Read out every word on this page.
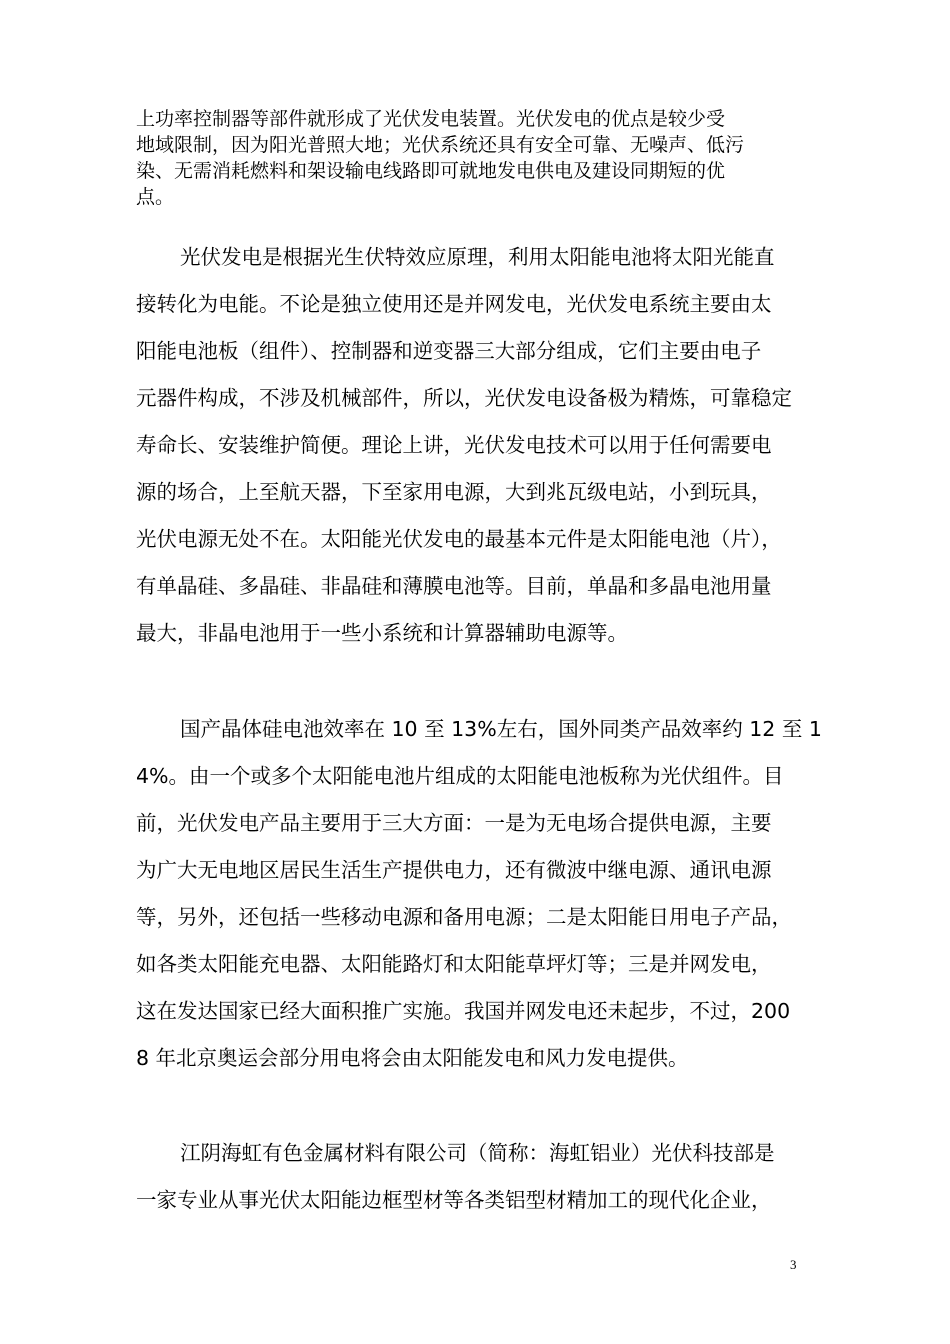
上功率控制器等部件就形成了光伏发电装置。光伏发电的优点是较少受
地域限制，因为阳光普照大地；光伏系统还具有安全可靠、无噪声、低污
染、无需消耗燃料和架设输电线路即可就地发电供电及建设同期短的优
点。

光伏发电是根据光生伏特效应原理，利用太阳能电池将太阳光能直
接转化为电能。不论是独立使用还是并网发电，光伏发电系统主要由太
阳能电池板（组件）、控制器和逆变器三大部分组成，它们主要由电子
元器件构成，不涉及机械部件，所以，光伏发电设备极为精炼，可靠稳定
寿命长、安装维护简便。理论上讲，光伏发电技术可以用于任何需要电
源的场合，上至航天器，下至家用电源，大到兆瓦级电站，小到玩具，
光伏电源无处不在。太阳能光伏发电的最基本元件是太阳能电池（片），
有单晶硅、多晶硅、非晶硅和薄膜电池等。目前，单晶和多晶电池用量
最大，非晶电池用于一些小系统和计算器辅助电源等。
国产晶体硅电池效率在 10 至 13%左右，国外同类产品效率约 12 至 1
4%。由一个或多个太阳能电池片组成的太阳能电池板称为光伏组件。目
前，光伏发电产品主要用于三大方面：一是为无电场合提供电源，主要
为广大无电地区居民生活生产提供电力，还有微波中继电源、通讯电源
等，另外，还包括一些移动电源和备用电源；二是太阳能日用电子产品，
如各类太阳能充电器、太阳能路灯和太阳能草坪灯等；三是并网发电，
这在发达国家已经大面积推广实施。我国并网发电还未起步，不过，200
8 年北京奥运会部分用电将会由太阳能发电和风力发电提供。
江阴海虹有色金属材料有限公司（简称：海虹铝业）光伏科技部是
一家专业从事光伏太阳能边框型材等各类铝型材精加工的现代化企业，
3
